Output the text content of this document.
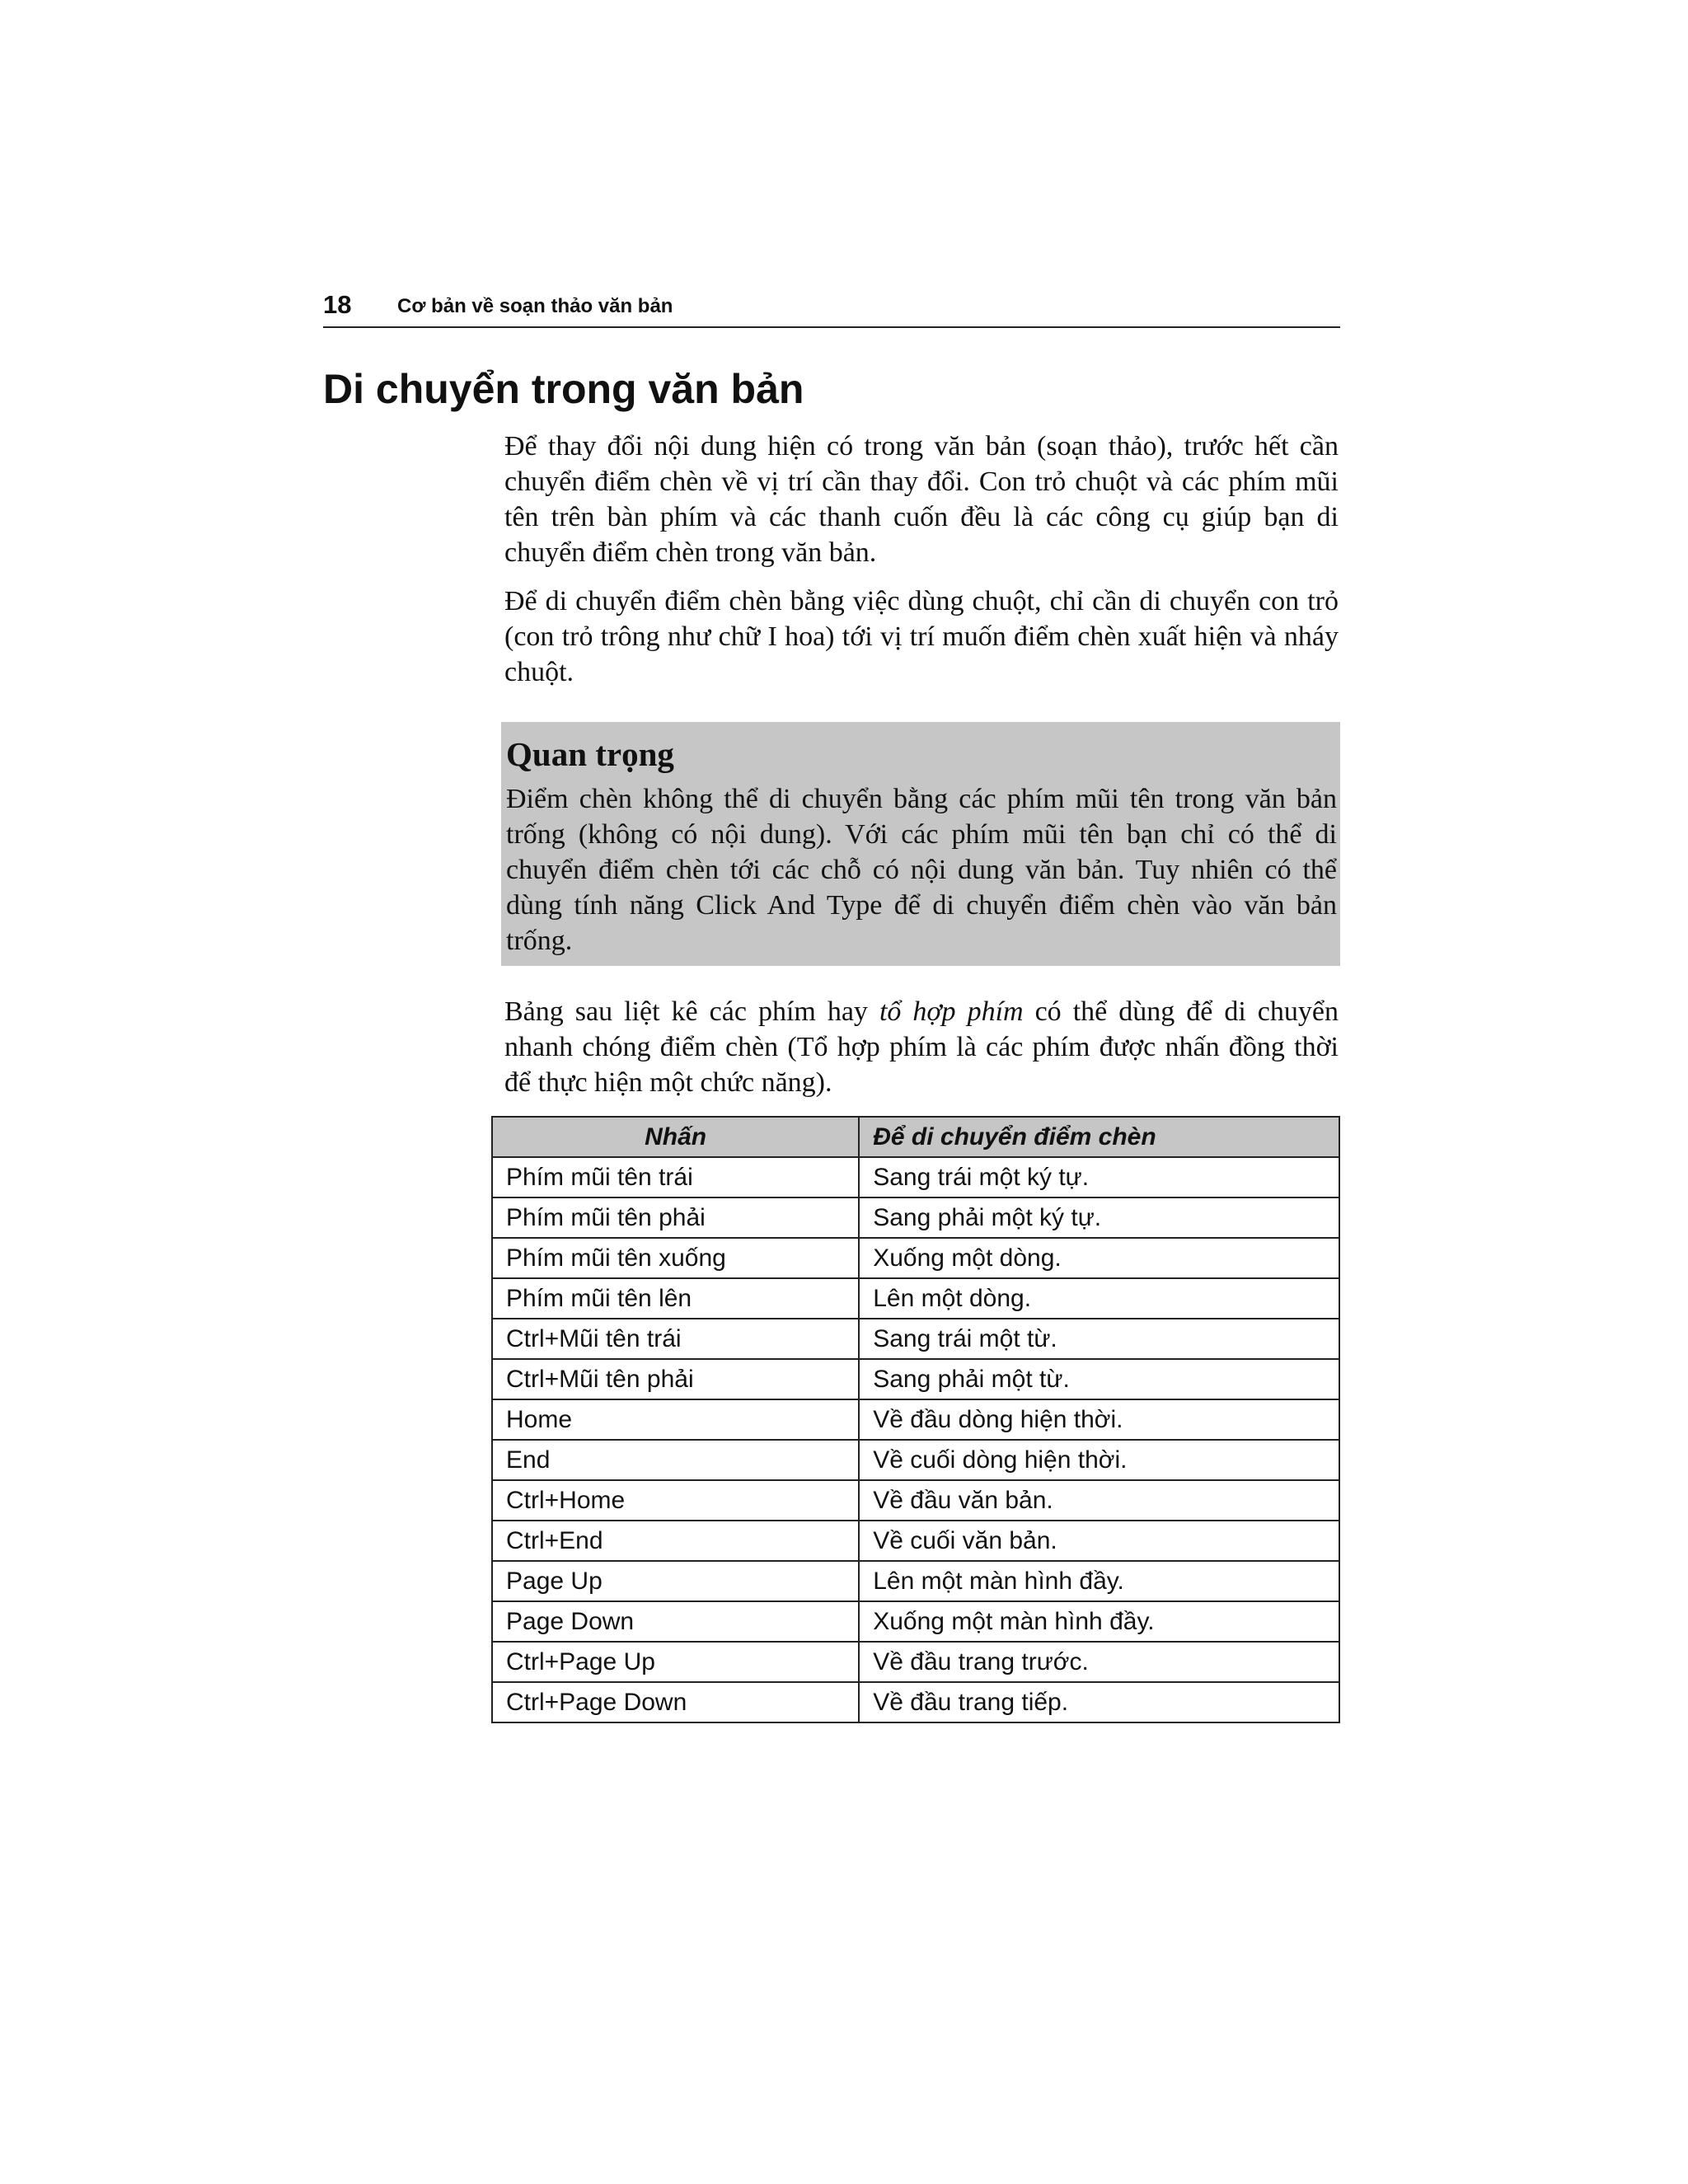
18 Cơ bản về soạn thảo văn bản
Di chuyển trong văn bản

Để thay đổi nội dung hiện có trong văn bản (soạn thảo), trước hết cần chuyển điểm chèn về vị trí cần thay đổi. Con trỏ chuột và các phím mũi tên trên bàn phím và các thanh cuốn đều là các công cụ giúp bạn di chuyển điểm chèn trong văn bản.

Để di chuyển điểm chèn bằng việc dùng chuột, chỉ cần di chuyển con trỏ (con trỏ trông như chữ I hoa) tới vị trí muốn điểm chèn xuất hiện và nháy chuột.

Quan trọng

Điểm chèn không thể di chuyển bằng các phím mũi tên trong văn bản trống (không có nội dung). Với các phím mũi tên bạn chỉ có thể di chuyển điểm chèn tới các chỗ có nội dung văn bản. Tuy nhiên có thể dùng tính năng Click And Type để di chuyển điểm chèn vào văn bản trống.

Bảng sau liệt kê các phím hay tổ hợp phím có thể dùng để di chuyển nhanh chóng điểm chèn (Tổ hợp phím là các phím được nhấn đồng thời để thực hiện một chức năng).

Nhấn	Để di chuyển điểm chèn
Phím mũi tên trái	Sang trái một ký tự.
Phím mũi tên phải	Sang phải một ký tự.
Phím mũi tên xuống	Xuống một dòng.
Phím mũi tên lên	Lên một dòng.
Ctrl+Mũi tên trái	Sang trái một từ.
Ctrl+Mũi tên phải	Sang phải một từ.
Home	Về đầu dòng hiện thời.
End	Về cuối dòng hiện thời.
Ctrl+Home	Về đầu văn bản.
Ctrl+End	Về cuối văn bản.
Page Up	Lên một màn hình đầy.
Page Down	Xuống một màn hình đầy.
Ctrl+Page Up	Về đầu trang trước.
Ctrl+Page Down	Về đầu trang tiếp.
